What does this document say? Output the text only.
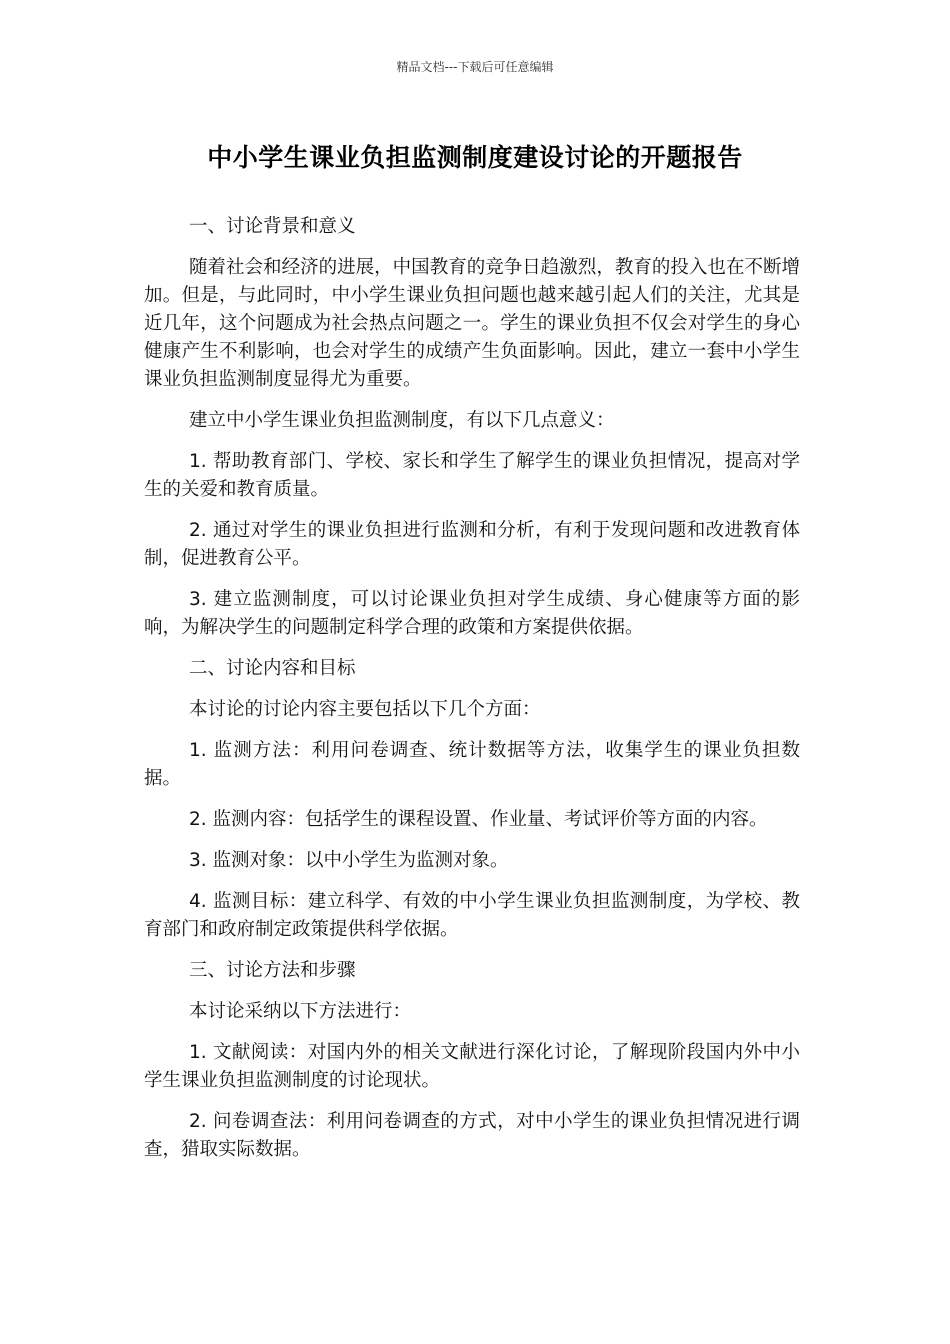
精品文档---下载后可任意编辑
中小学生课业负担监测制度建设讨论的开题报告

一、讨论背景和意义

随着社会和经济的进展，中国教育的竞争日趋激烈，教育的投入也在不断增加。但是，与此同时，中小学生课业负担问题也越来越引起人们的关注，尤其是近几年，这个问题成为社会热点问题之一。学生的课业负担不仅会对学生的身心健康产生不利影响，也会对学生的成绩产生负面影响。因此，建立一套中小学生课业负担监测制度显得尤为重要。

建立中小学生课业负担监测制度，有以下几点意义：

1. 帮助教育部门、学校、家长和学生了解学生的课业负担情况，提高对学生的关爱和教育质量。

2. 通过对学生的课业负担进行监测和分析，有利于发现问题和改进教育体制，促进教育公平。

3. 建立监测制度，可以讨论课业负担对学生成绩、身心健康等方面的影响，为解决学生的问题制定科学合理的政策和方案提供依据。

二、讨论内容和目标

本讨论的讨论内容主要包括以下几个方面：

1. 监测方法：利用问卷调查、统计数据等方法，收集学生的课业负担数据。

2. 监测内容：包括学生的课程设置、作业量、考试评价等方面的内容。

3. 监测对象：以中小学生为监测对象。

4. 监测目标：建立科学、有效的中小学生课业负担监测制度，为学校、教育部门和政府制定政策提供科学依据。

三、讨论方法和步骤

本讨论采纳以下方法进行：

1. 文献阅读：对国内外的相关文献进行深化讨论，了解现阶段国内外中小学生课业负担监测制度的讨论现状。

2. 问卷调查法：利用问卷调查的方式，对中小学生的课业负担情况进行调查，猎取实际数据。
